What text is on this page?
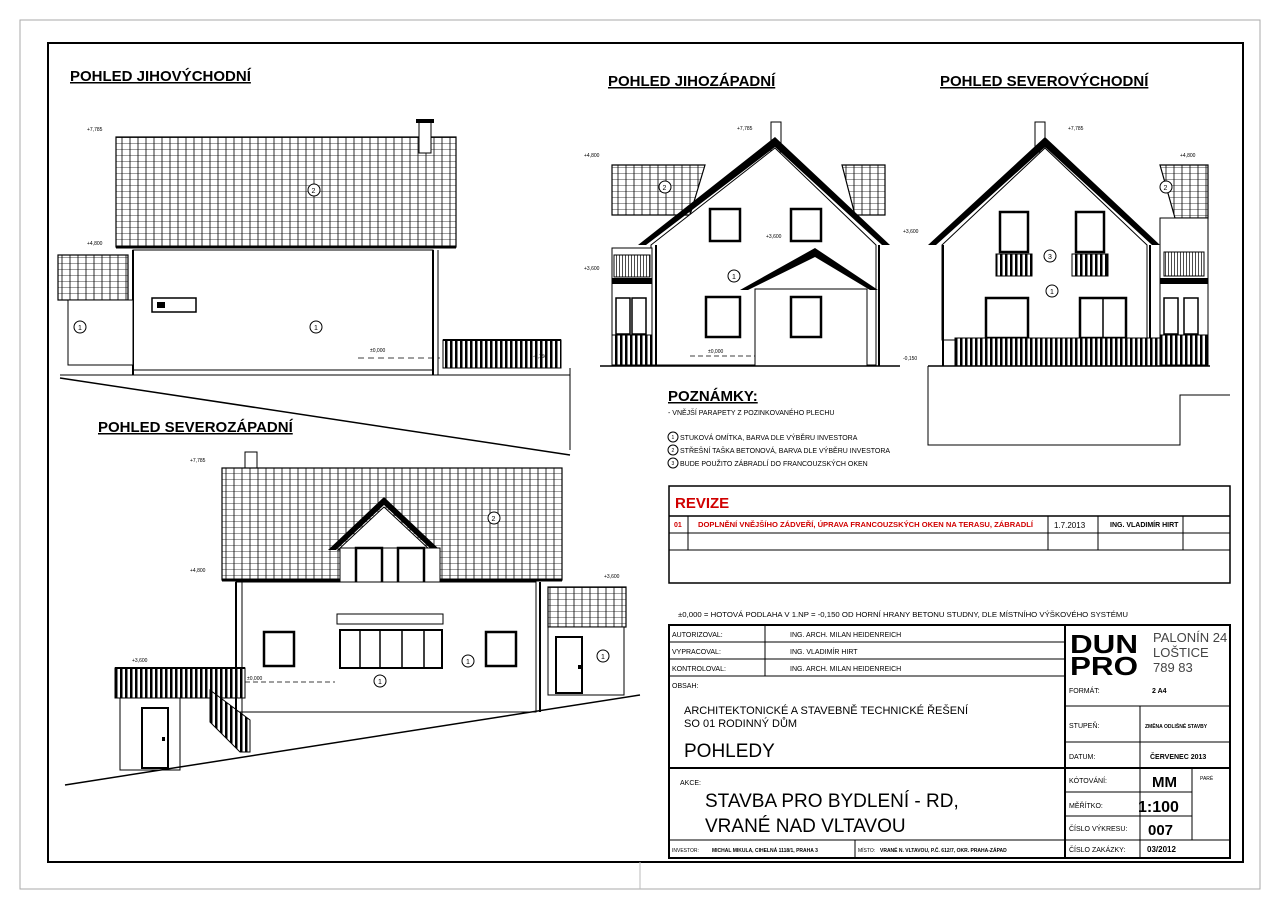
POHLED JIHOVÝCHODNÍ	POHLED JIHOZÁPADNÍ	POHLED SEVEROVÝCHODNÍ
POHLED SEVEROZÁPADNÍ
2
1	1
+7,785
+4,800
±0,000
-0,150
1
2
+7,785
+4,800
+3,600
+3,600
±0,000
3
1
2
+7,785
+4,800
+3,600
-0,150
2
1
1
1
+7,785
+4,800
+3,600
+3,600
±0,000
POZNÁMKY:
- VNĚJŠÍ PARAPETY Z POZINKOVANÉHO PLECHU
1 STUKOVÁ OMÍTKA, BARVA DLE VÝBĚRU INVESTORA
2 STŘEŠNÍ TAŠKA BETONOVÁ, BARVA DLE VÝBĚRU INVESTORA
3 BUDE POUŽITO ZÁBRADLÍ DO FRANCOUZSKÝCH OKEN
REVIZE
01 DOPLNĚNÍ VNĚJŠÍHO ZÁDVEŘÍ, ÚPRAVA FRANCOUZSKÝCH OKEN NA TERASU, ZÁBRADLÍ	1.7.2013	ING. VLADIMÍR HIRT
±0,000 = HOTOVÁ PODLAHA V 1.NP = -0,150 OD HORNÍ HRANY BETONU STUDNY, DLE MÍSTNÍHO VÝŠKOVÉHO SYSTÉMU
AUTORIZOVAL:	ING. ARCH. MILAN HEIDENREICH
VYPRACOVAL:	ING. VLADIMÍR HIRT
KONTROLOVAL:	ING. ARCH. MILAN HEIDENREICH
OBSAH:
ARCHITEKTONICKÉ A STAVEBNĚ TECHNICKÉ ŘEŠENÍ
SO 01 RODINNÝ DŮM
POHLEDY
DUN
PRO
PALONÍN 24
LOŠTICE
789 83
FORMÁT:	2 A4
STUPEŇ:	ZMĚNA ODLIŠNÉ STAVBY
DATUM:	ČERVENEC 2013
AKCE:
STAVBA PRO BYDLENÍ - RD,
VRANÉ NAD VLTAVOU
KÓTOVÁNÍ:	MM	PARÉ
MĚŘÍTKO: 1:100
ČÍSLO VÝKRESU: 007
INVESTOR:	MICHAL MIKULA, CIHELNÁ 1118/1, PRAHA 3	MÍSTO: VRANÉ N. VLTAVOU, P.Č. 612/7, OKR. PRAHA-ZÁPAD	ČÍSLO ZAKÁZKY:	03/2012
